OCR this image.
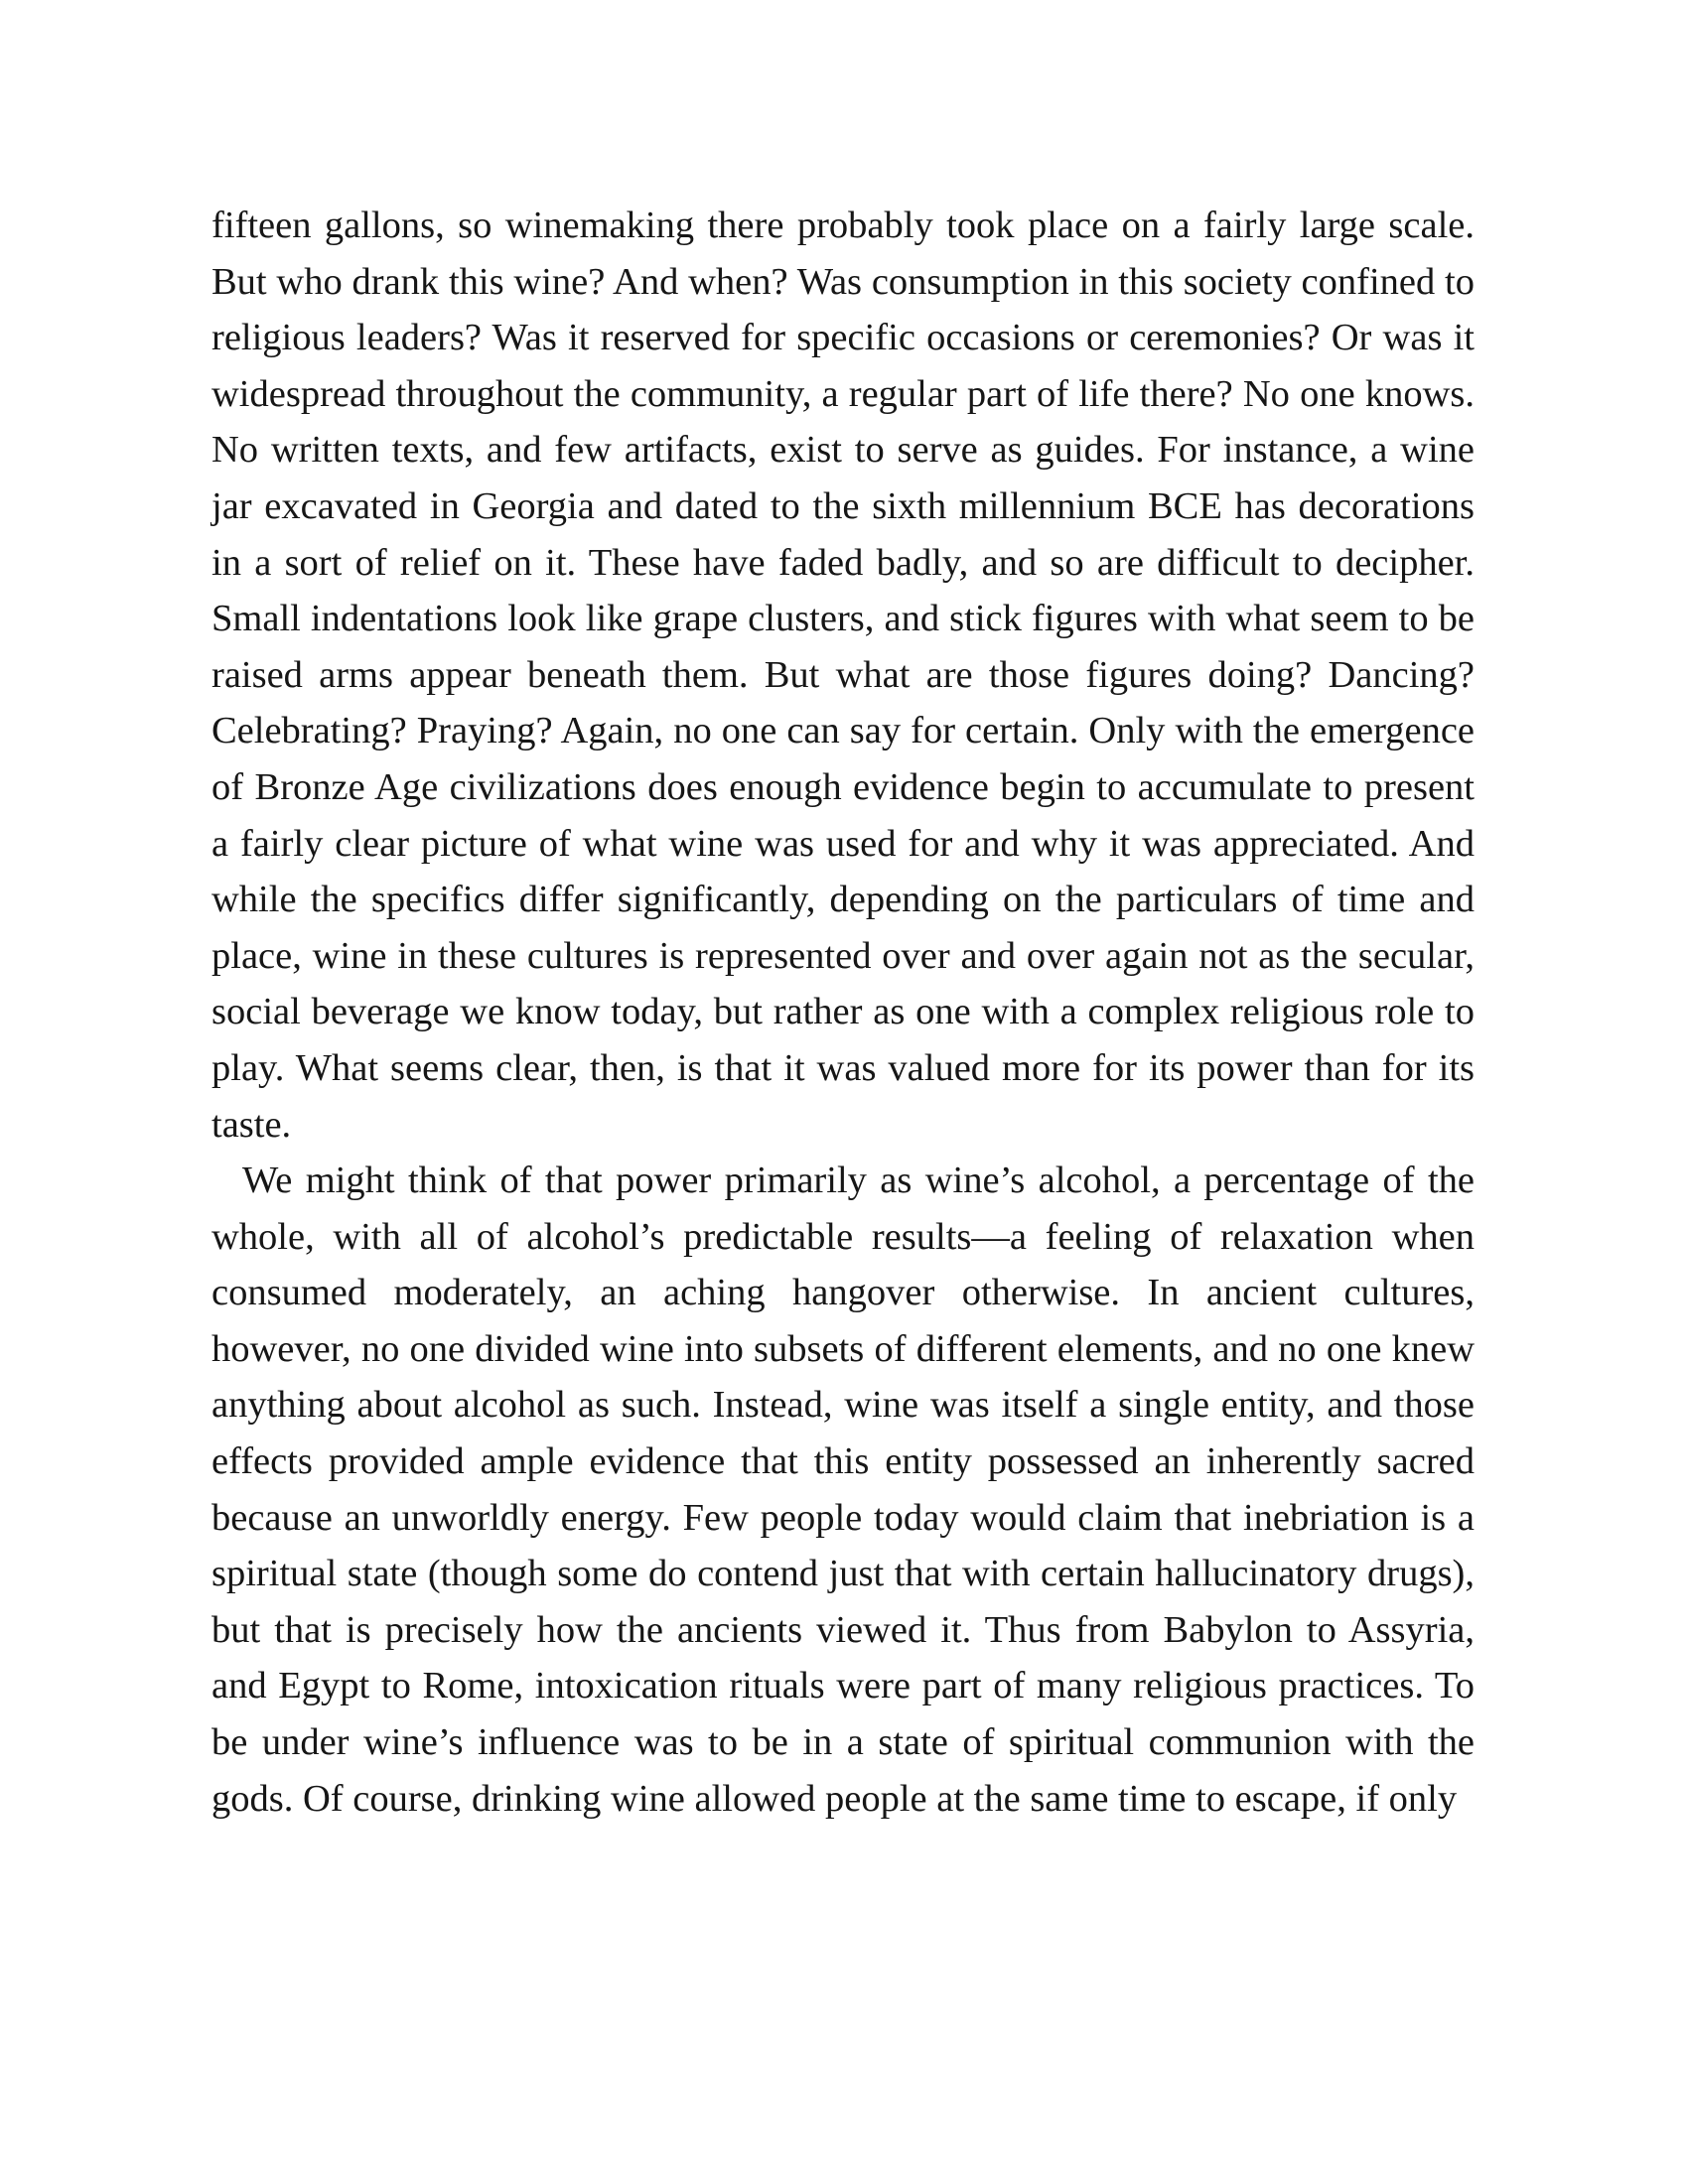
fifteen gallons, so winemaking there probably took place on a fairly large scale. But who drank this wine? And when? Was consumption in this society confined to religious leaders? Was it reserved for specific occasions or ceremonies? Or was it widespread throughout the community, a regular part of life there? No one knows. No written texts, and few artifacts, exist to serve as guides. For instance, a wine jar excavated in Georgia and dated to the sixth millennium BCE has decorations in a sort of relief on it. These have faded badly, and so are difficult to decipher. Small indentations look like grape clusters, and stick figures with what seem to be raised arms appear beneath them. But what are those figures doing? Dancing? Celebrating? Praying? Again, no one can say for certain. Only with the emergence of Bronze Age civilizations does enough evidence begin to accumulate to present a fairly clear picture of what wine was used for and why it was appreciated. And while the specifics differ significantly, depending on the particulars of time and place, wine in these cultures is represented over and over again not as the secular, social beverage we know today, but rather as one with a complex religious role to play. What seems clear, then, is that it was valued more for its power than for its taste.

We might think of that power primarily as wine’s alcohol, a percentage of the whole, with all of alcohol’s predictable results—a feeling of relaxation when consumed moderately, an aching hangover otherwise. In ancient cultures, however, no one divided wine into subsets of different elements, and no one knew anything about alcohol as such. Instead, wine was itself a single entity, and those effects provided ample evidence that this entity possessed an inherently sacred because an unworldly energy. Few people today would claim that inebriation is a spiritual state (though some do contend just that with certain hallucinatory drugs), but that is precisely how the ancients viewed it. Thus from Babylon to Assyria, and Egypt to Rome, intoxication rituals were part of many religious practices. To be under wine’s influence was to be in a state of spiritual communion with the gods. Of course, drinking wine allowed people at the same time to escape, if only
